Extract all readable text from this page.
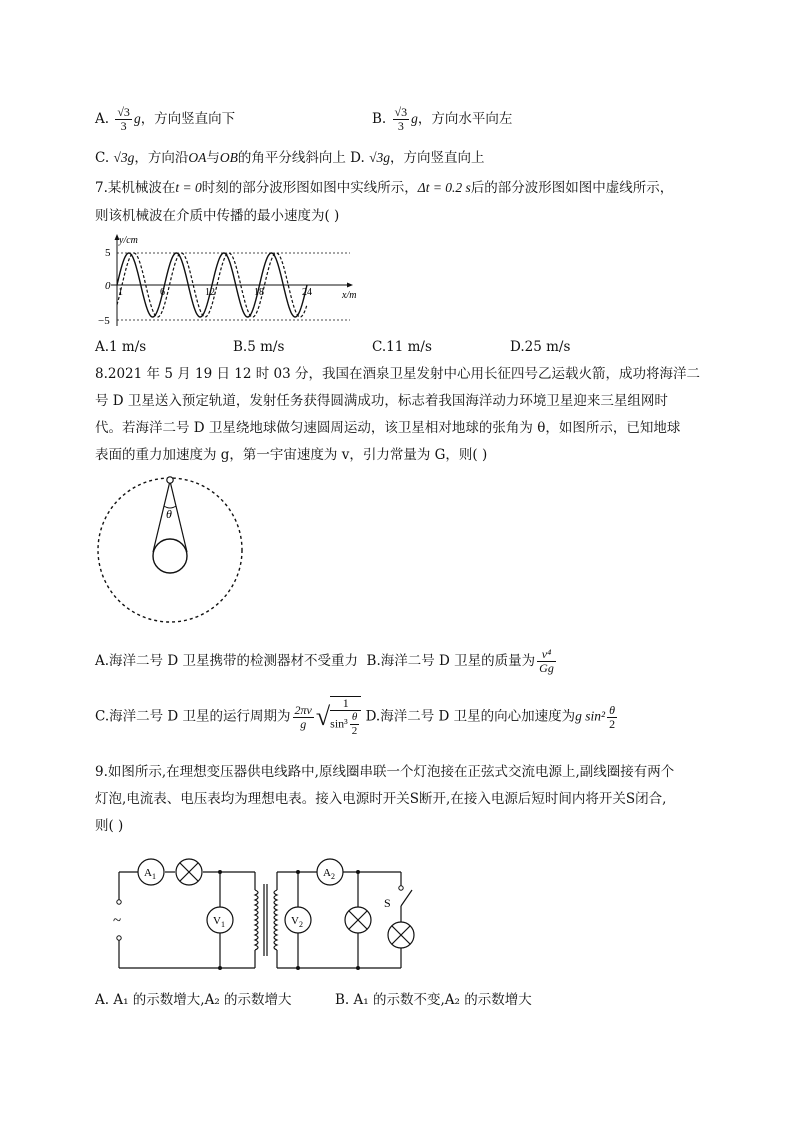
A. $\frac{√3}{3}$ g，方向竖直向下	B. $\frac{√3}{3}$ g，方向水平向左
C. √3g，方向沿OA与OB的角平分线斜向上 D. √3g，方向竖直向上
7.某机械波在t = 0时刻的部分波形图如图中实线所示，Δt = 0.2 s后的部分波形图如图中虚线所示，
则该机械波在介质中传播的最小速度为( )
y/cm
5
0
−5
x/m
1	6	12	18	24
A.1 m/s	B.5 m/s	C.11 m/s	D.25 m/s
8.2021 年 5 月 19 日 12 时 03 分，我国在酒泉卫星发射中心用长征四号乙运载火箭，成功将海洋二
号 D 卫星送入预定轨道，发射任务获得圆满成功，标志着我国海洋动力环境卫星迎来三星组网时
代。若海洋二号 D 卫星绕地球做匀速圆周运动，该卫星相对地球的张角为 θ，如图所示，已知地球
表面的重力加速度为 g，第一宇宙速度为 v，引力常量为 G，则( )
θ
A.海洋二号 D 卫星携带的检测器材不受重力 B.海洋二号 D 卫星的质量为 $\frac{\text{v⁴}}{Gg}$
C.海洋二号 D 卫星的运行周期为 $\frac{2\pi v}{g}$ √ $\frac{1}{\sin^3 \frac{\theta}{2}} D$.海洋二号 D 卫星的向心加速度为g $\sin^2 \frac{\theta}{2}$
9.如图所示,在理想变压器供电线路中,原线圈串联一个灯泡接在正弦式交流电源上,副线圈接有两个
灯泡,电流表、电压表均为理想电表。接入电源时开关S断开,在接入电源后短时间内将开关S闭合,
则( )
~
S
A 1
V 1
A 2
V 2
A. A₁ 的示数增大,A₂ 的示数增大	B. A₁ 的示数不变,A₂ 的示数增大
